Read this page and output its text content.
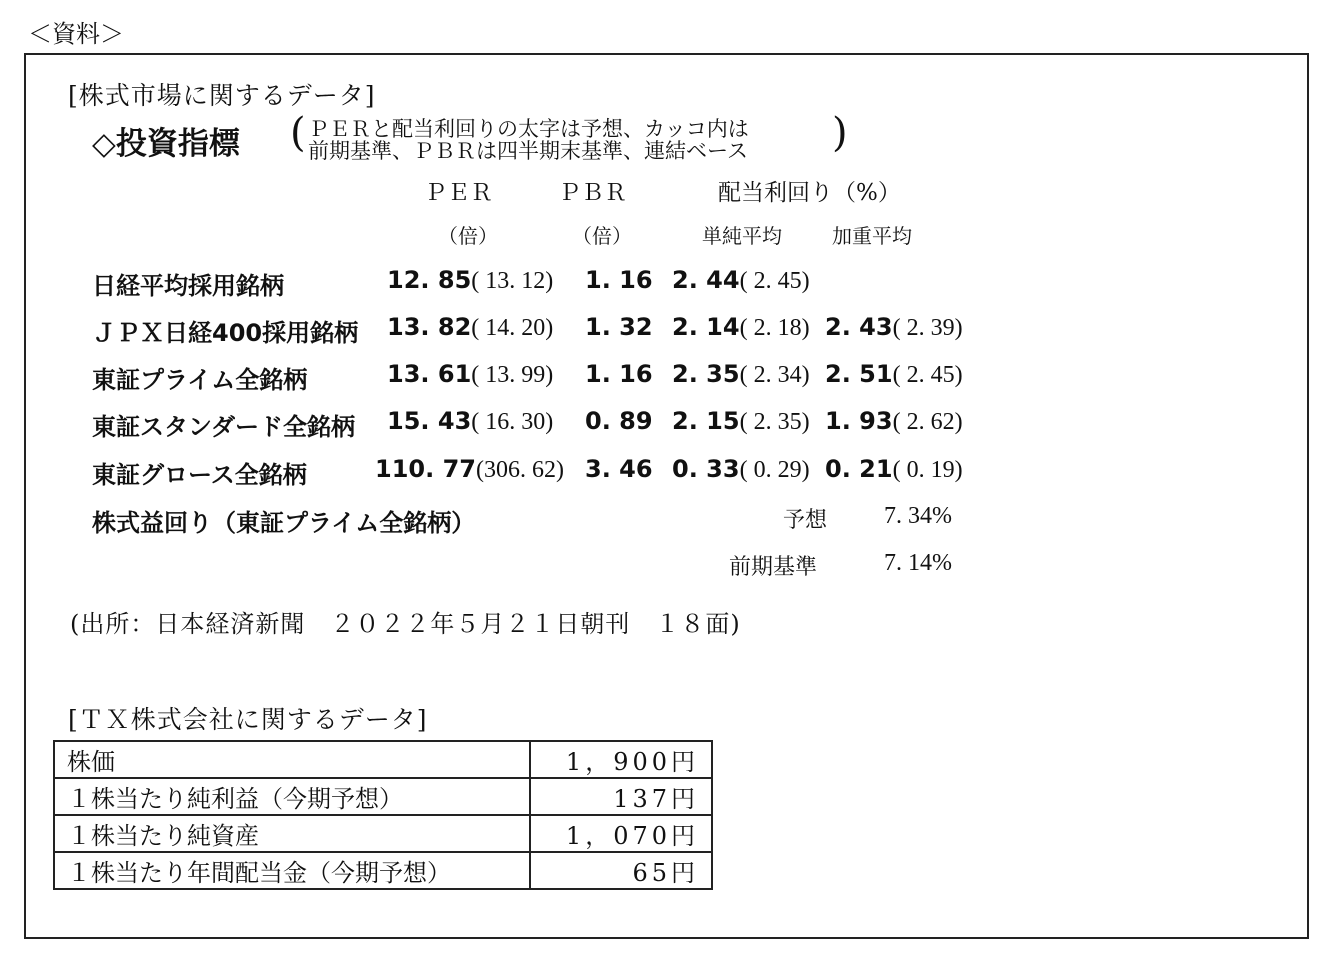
＜資料＞
[株式市場に関するデータ]
◇投資指標 ( ＰＥＲと配当利回りの太字は予想、カッコ内は
前期基準、ＰＢＲは四半期末基準、連結ベース )
ＰＥＲ	ＰＢＲ	配当利回り（%）
（倍）	（倍）	単純平均	加重平均
日経平均採用銘柄	12. 85( 13. 12) 1. 16 2. 44( 2. 45)
ＪＰＸ日経400採用銘柄 13. 82( 14. 20) 1. 32 2. 14( 2. 18) 2. 43( 2. 39)
東証プライム全銘柄	13. 61( 13. 99) 1. 16 2. 35( 2. 34) 2. 51( 2. 45)
東証スタンダード全銘柄 15. 43( 16. 30) 0. 89 2. 15( 2. 35) 1. 93( 2. 62)
東証グロース全銘柄	110. 77(306. 62) 3. 46 0. 33( 0. 29) 0. 21( 0. 19)
株式益回り（東証プライム全銘柄）	予想 7. 34%
前期基準	7. 14%
(出所：日本経済新聞　２０２２年５月２１日朝刊　１８面)
[ＴＸ株式会社に関するデータ]
株価	1，900円
１株当たり純利益（今期予想）	137円
１株当たり純資産	1，070円
１株当たり年間配当金（今期予想）	65円
